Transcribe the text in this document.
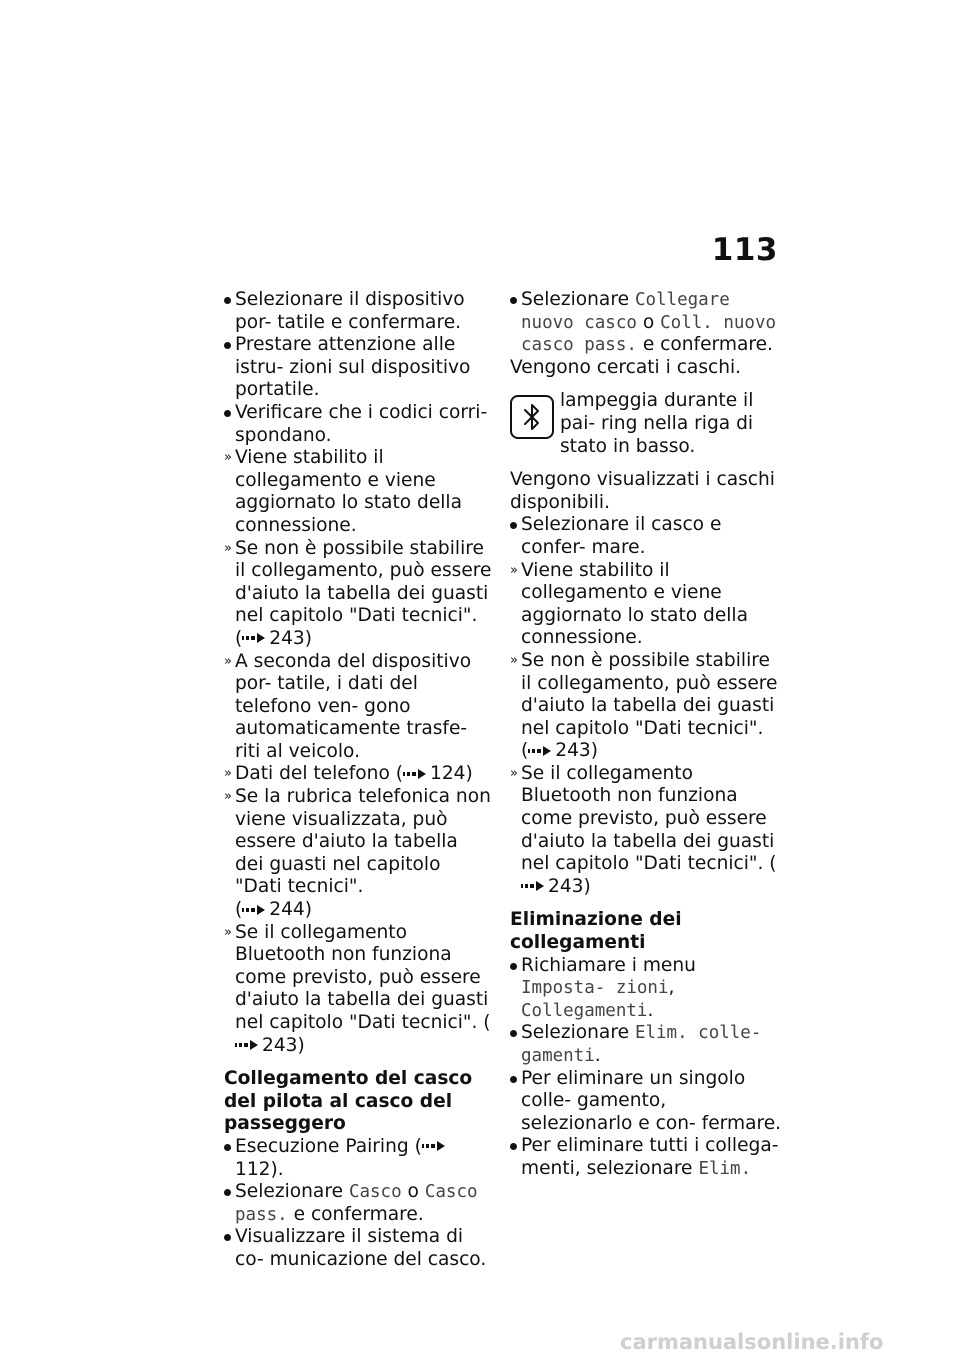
113
Selezionare il dispositivo por- tatile e confermare.
Prestare attenzione alle istru- zioni sul dispositivo portatile.
Verificare che i codici corri- spondano.
» Viene stabilito il collegamento e viene aggiornato lo stato della connessione.
» Se non è possibile stabilire il collegamento, può essere d'aiuto la tabella dei guasti nel capitolo "Dati tecnici".
( 243)
» A seconda del dispositivo por- tatile, i dati del telefono ven- gono automaticamente trasfe- riti al veicolo.
» Dati del telefono ( 124)
» Se la rubrica telefonica non viene visualizzata, può essere d'aiuto la tabella dei guasti nel capitolo "Dati tecnici".
( 244)
» Se il collegamento Bluetooth non funziona come previsto, può essere d'aiuto la tabella dei guasti nel capitolo "Dati tecnici". (243)
Collegamento del casco del pilota al casco del passeggero
Esecuzione Pairing (112).
Selezionare Casco o Casco pass. e confermare.
Visualizzare il sistema di co- municazione del casco.
Selezionare Collegare nuovo casco o Coll. nuovo casco pass. e confermare.
Vengono cercati i caschi.
lampeggia durante il pai- ring nella riga di stato in basso.
Vengono visualizzati i caschi disponibili.
Selezionare il casco e confer- mare.
» Viene stabilito il collegamento e viene aggiornato lo stato della connessione.
» Se non è possibile stabilire il collegamento, può essere d'aiuto la tabella dei guasti nel capitolo "Dati tecnici".
( 243)
» Se il collegamento Bluetooth non funziona come previsto, può essere d'aiuto la tabella dei guasti nel capitolo "Dati tecnici". (243)
Eliminazione dei collegamenti
Richiamare i menu Imposta- zioni, Collegamenti.
Selezionare Elim. colle- gamenti.
Per eliminare un singolo colle- gamento, selezionarlo e con- fermare.
Per eliminare tutti i collega- menti, selezionare Elim.
carmanualsonline.info
